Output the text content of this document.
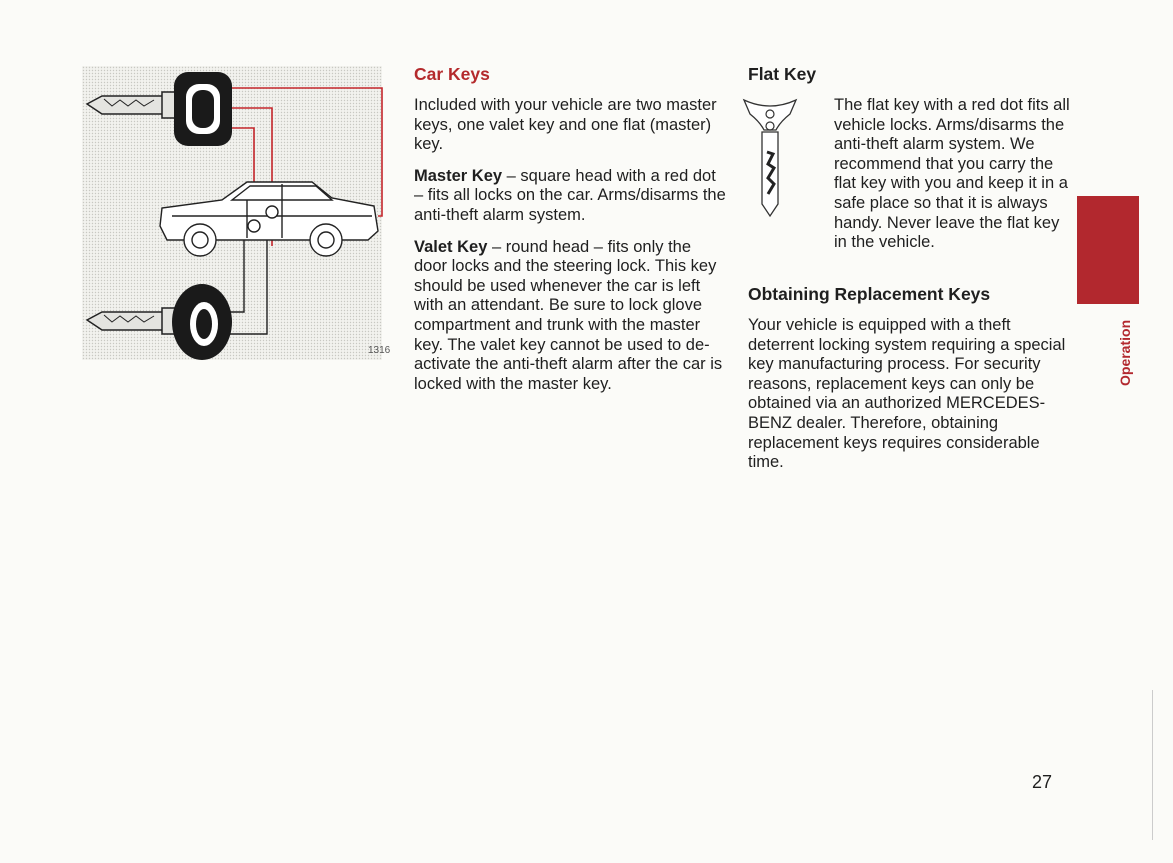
1316
Car Keys

Included with your vehicle are two master keys, one valet key and one flat (master) key.

Master Key – square head with a red dot – fits all locks on the car. Arms/disarms the anti-theft alarm system.

Valet Key – round head – fits only the door locks and the steering lock. This key should be used whenever the car is left with an attendant. Be sure to lock glove compartment and trunk with the master key. The valet key cannot be used to de-activate the anti-theft alarm after the car is locked with the master key.

Flat Key

The flat key with a red dot fits all vehicle locks. Arms/disarms the anti-theft alarm system. We recommend that you carry the flat key with you and keep it in a safe place so that it is always handy. Never leave the flat key in the vehicle.

Obtaining Replacement Keys

Your vehicle is equipped with a theft deterrent locking system requiring a special key manufacturing process. For security reasons, replacement keys can only be obtained via an authorized MERCEDES-BENZ dealer. Therefore, obtaining replacement keys requires considerable time.

Operation
27
